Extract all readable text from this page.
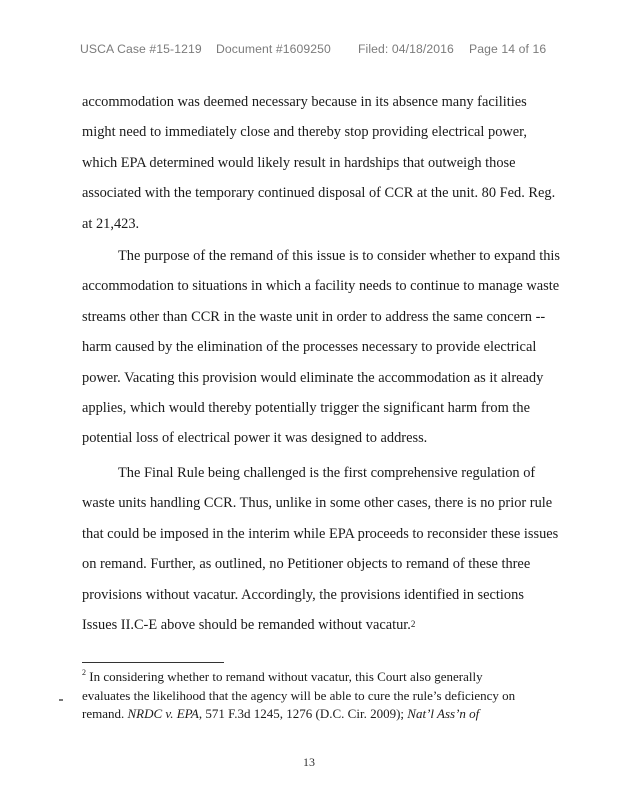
USCA Case #15-1219 Document #1609250 Filed: 04/18/2016 Page 14 of 16
accommodation was deemed necessary because in its absence many facilities
might need to immediately close and thereby stop providing electrical power,
which EPA determined would likely result in hardships that outweigh those
associated with the temporary continued disposal of CCR at the unit. 80 Fed. Reg.
at 21,423.
The purpose of the remand of this issue is to consider whether to expand this
accommodation to situations in which a facility needs to continue to manage waste
streams other than CCR in the waste unit in order to address the same concern --
harm caused by the elimination of the processes necessary to provide electrical
power. Vacating this provision would eliminate the accommodation as it already
applies, which would thereby potentially trigger the significant harm from the
potential loss of electrical power it was designed to address.
The Final Rule being challenged is the first comprehensive regulation of
waste units handling CCR. Thus, unlike in some other cases, there is no prior rule
that could be imposed in the interim while EPA proceeds to reconsider these issues
on remand. Further, as outlined, no Petitioner objects to remand of these three
provisions without vacatur. Accordingly, the provisions identified in sections
Issues II.C-E above should be remanded without vacatur.$^2$
$^2$ In considering whether to remand without vacatur, this Court also generally
evaluates the likelihood that the agency will be able to cure the rule’s deficiency on
remand. NRDC v. EPA, 571 F.3d 1245, 1276 (D.C. Cir. 2009); Nat’l Ass’n of
13
